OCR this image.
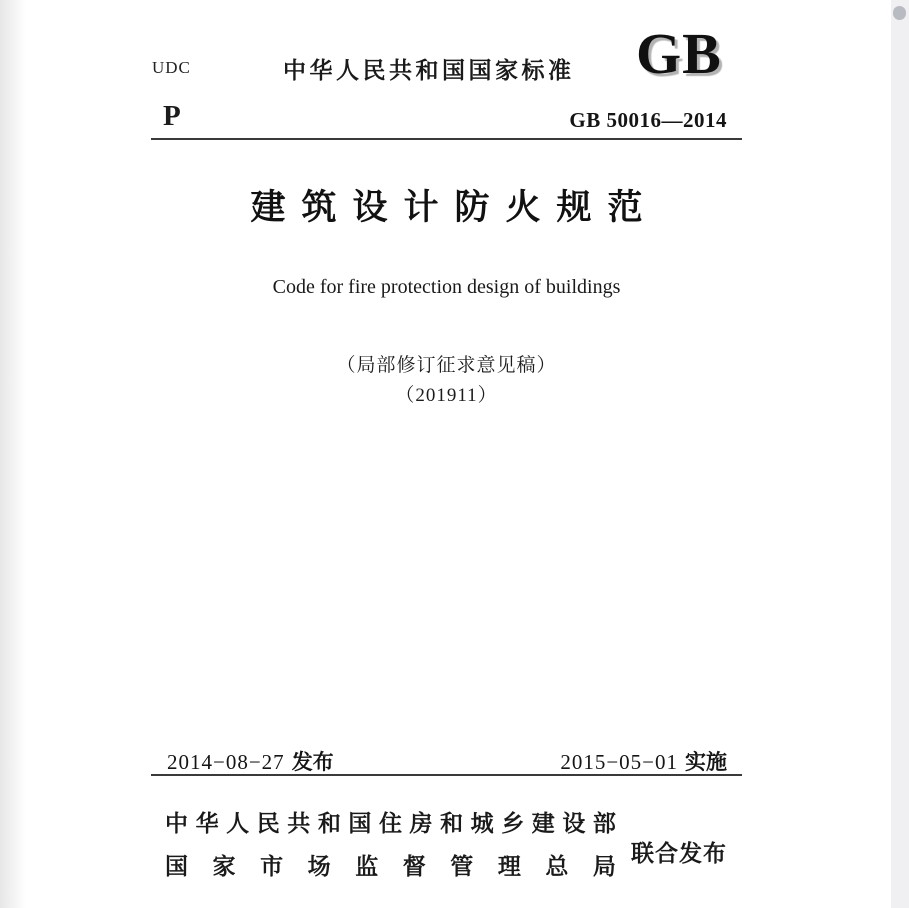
UDC	中华人民共和国国家标准 GB
P	GB 50016—2014
建筑设计防火规范
Code for fire protection design of buildings
（局部修订征求意见稿）
（201911）
2014−08−27 发布	2015−05−01 实施
中 华 人 民 共 和 国 住 房 和 城 乡 建 设 部
国 家 市 场 监 督 管 理 总 局 联合发布
